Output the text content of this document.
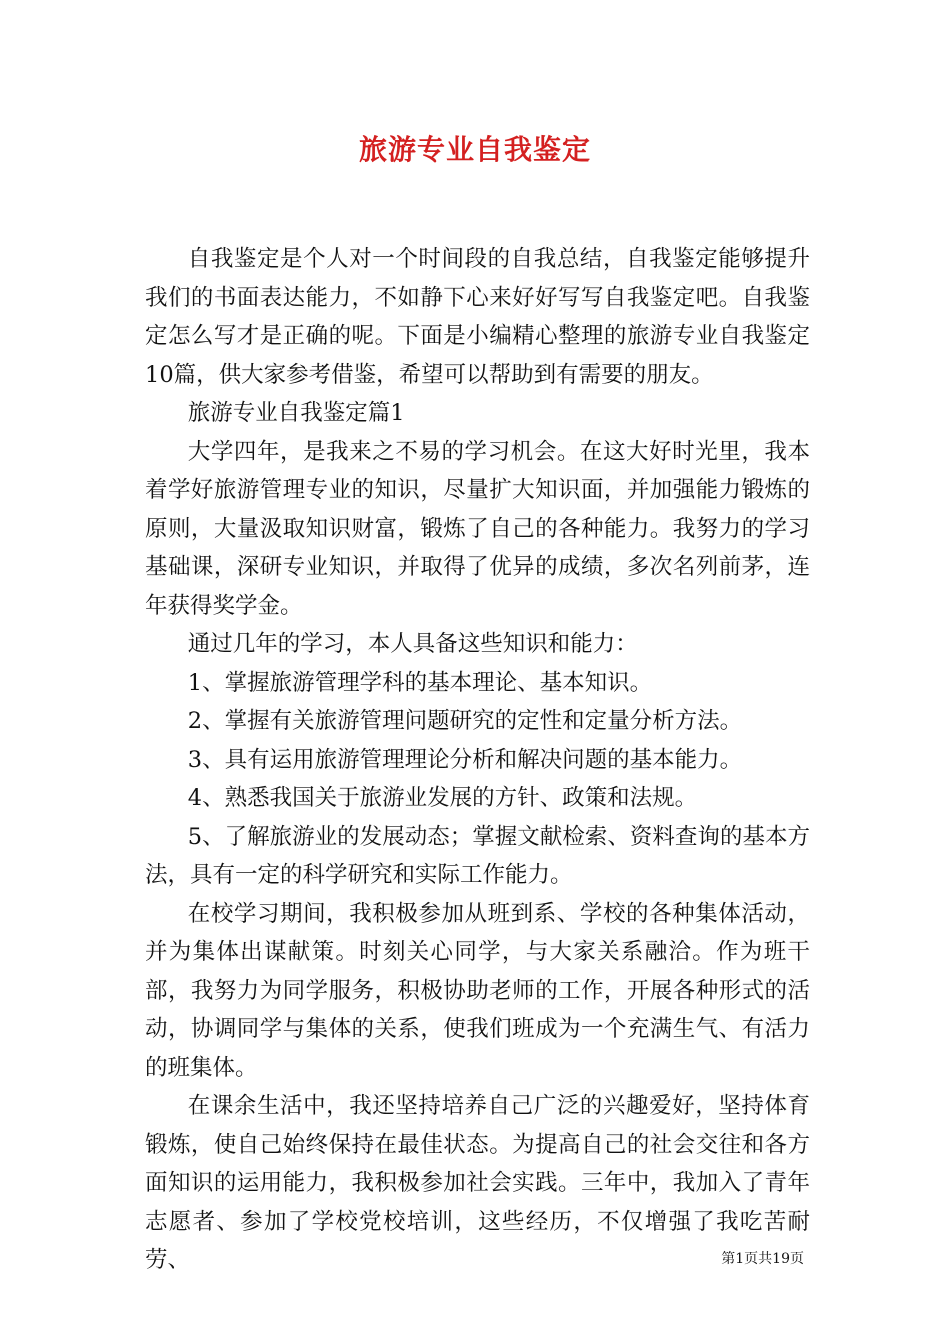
旅游专业自我鉴定

自我鉴定是个人对一个时间段的自我总结，自我鉴定能够提升我们的书面表达能力，不如静下心来好好写写自我鉴定吧。自我鉴定怎么写才是正确的呢。下面是小编精心整理的旅游专业自我鉴定10篇，供大家参考借鉴，希望可以帮助到有需要的朋友。

旅游专业自我鉴定篇1

大学四年，是我来之不易的学习机会。在这大好时光里，我本着学好旅游管理专业的知识，尽量扩大知识面，并加强能力锻炼的原则，大量汲取知识财富，锻炼了自己的各种能力。我努力的学习基础课，深研专业知识，并取得了优异的成绩，多次名列前茅，连年获得奖学金。

通过几年的学习，本人具备这些知识和能力：

1、掌握旅游管理学科的基本理论、基本知识。

2、掌握有关旅游管理问题研究的定性和定量分析方法。

3、具有运用旅游管理理论分析和解决问题的基本能力。

4、熟悉我国关于旅游业发展的方针、政策和法规。

5、了解旅游业的发展动态；掌握文献检索、资料查询的基本方法，具有一定的科学研究和实际工作能力。

在校学习期间，我积极参加从班到系、学校的各种集体活动，并为集体出谋献策。时刻关心同学，与大家关系融洽。作为班干部，我努力为同学服务，积极协助老师的工作，开展各种形式的活动，协调同学与集体的关系，使我们班成为一个充满生气、有活力的班集体。

在课余生活中，我还坚持培养自己广泛的兴趣爱好，坚持体育锻炼，使自己始终保持在最佳状态。为提高自己的社会交往和各方面知识的运用能力，我积极参加社会实践。三年中，我加入了青年志愿者、参加了学校党校培训，这些经历，不仅增强了我吃苦耐劳、	第1页共19页
